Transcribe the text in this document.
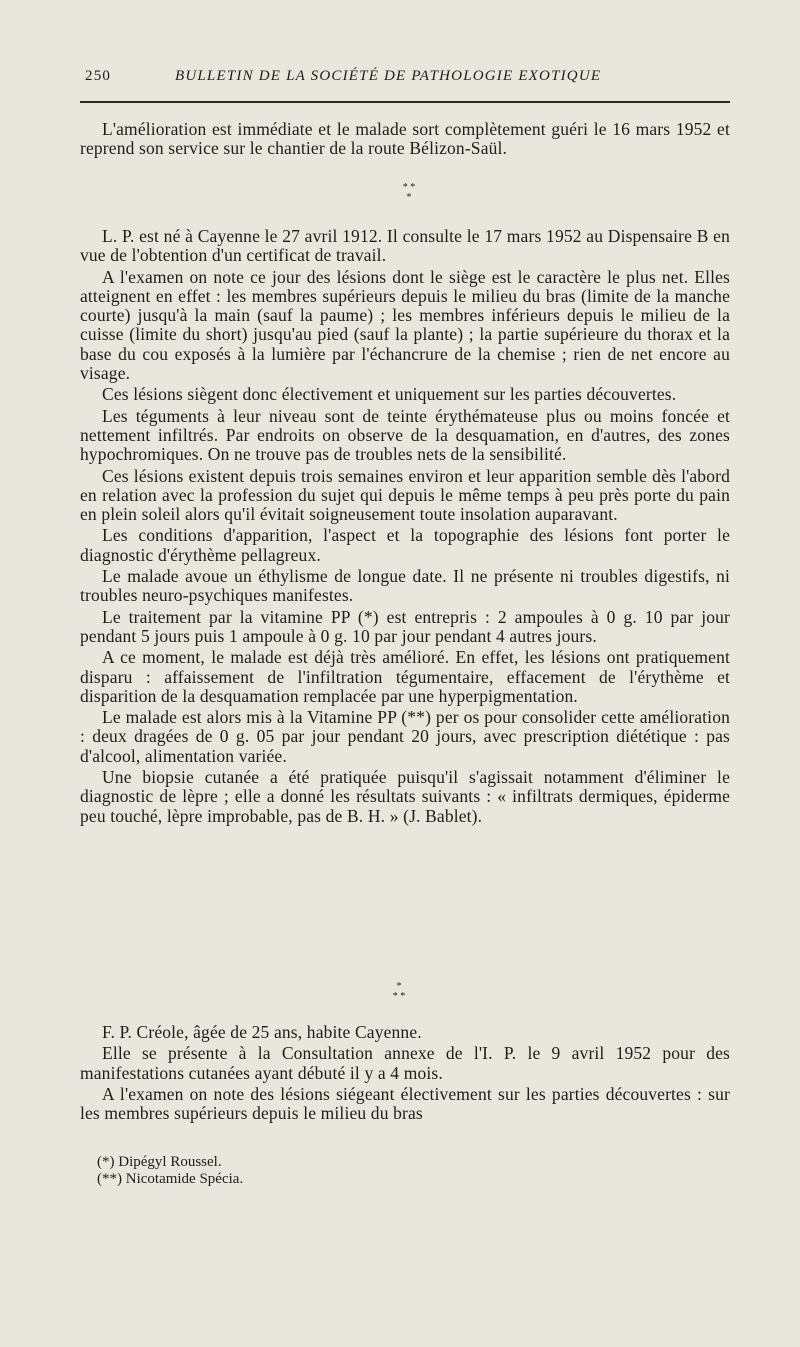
250	BULLETIN DE LA SOCIÉTÉ DE PATHOLOGIE EXOTIQUE

L'amélioration est immédiate et le malade sort complètement guéri le 16 mars 1952 et reprend son service sur le chantier de la route Bélizon-Saül.

* *
*

L. P. est né à Cayenne le 27 avril 1912. Il consulte le 17 mars 1952 au Dispensaire B en vue de l'obtention d'un certificat de travail.

A l'examen on note ce jour des lésions dont le siège est le caractère le plus net. Elles atteignent en effet : les membres supérieurs depuis le milieu du bras (limite de la manche courte) jusqu'à la main (sauf la paume) ; les membres inférieurs depuis le milieu de la cuisse (limite du short) jusqu'au pied (sauf la plante) ; la partie supérieure du thorax et la base du cou exposés à la lumière par l'échancrure de la chemise ; rien de net encore au visage.

Ces lésions siègent donc électivement et uniquement sur les parties découvertes.

Les téguments à leur niveau sont de teinte érythémateuse plus ou moins foncée et nettement infiltrés. Par endroits on observe de la desquamation, en d'autres, des zones hypochromiques. On ne trouve pas de troubles nets de la sensibilité.

Ces lésions existent depuis trois semaines environ et leur apparition semble dès l'abord en relation avec la profession du sujet qui depuis le même temps à peu près porte du pain en plein soleil alors qu'il évitait soigneusement toute insolation auparavant.

Les conditions d'apparition, l'aspect et la topographie des lésions font porter le diagnostic d'érythème pellagreux.

Le malade avoue un éthylisme de longue date. Il ne présente ni troubles digestifs, ni troubles neuro-psychiques manifestes.

Le traitement par la vitamine PP (*) est entrepris : 2 ampoules à 0 g. 10 par jour pendant 5 jours puis 1 ampoule à 0 g. 10 par jour pendant 4 autres jours.

A ce moment, le malade est déjà très amélioré. En effet, les lésions ont pratiquement disparu : affaissement de l'infiltration tégumentaire, effacement de l'érythème et disparition de la desquamation remplacée par une hyperpigmentation.

Le malade est alors mis à la Vitamine PP (**) per os pour consolider cette amélioration : deux dragées de 0 g. 05 par jour pendant 20 jours, avec prescription diététique : pas d'alcool, alimentation variée.

Une biopsie cutanée a été pratiquée puisqu'il s'agissait notamment d'éliminer le diagnostic de lèpre ; elle a donné les résultats suivants : « infiltrats dermiques, épiderme peu touché, lèpre improbable, pas de B. H. » (J. Bablet).

*
* *

F. P. Créole, âgée de 25 ans, habite Cayenne.

Elle se présente à la Consultation annexe de l'I. P. le 9 avril 1952 pour des manifestations cutanées ayant débuté il y a 4 mois.

A l'examen on note des lésions siégeant électivement sur les parties découvertes : sur les membres supérieurs depuis le milieu du bras

(*) Dipégyl Roussel.
(**) Nicotamide Spécia.
